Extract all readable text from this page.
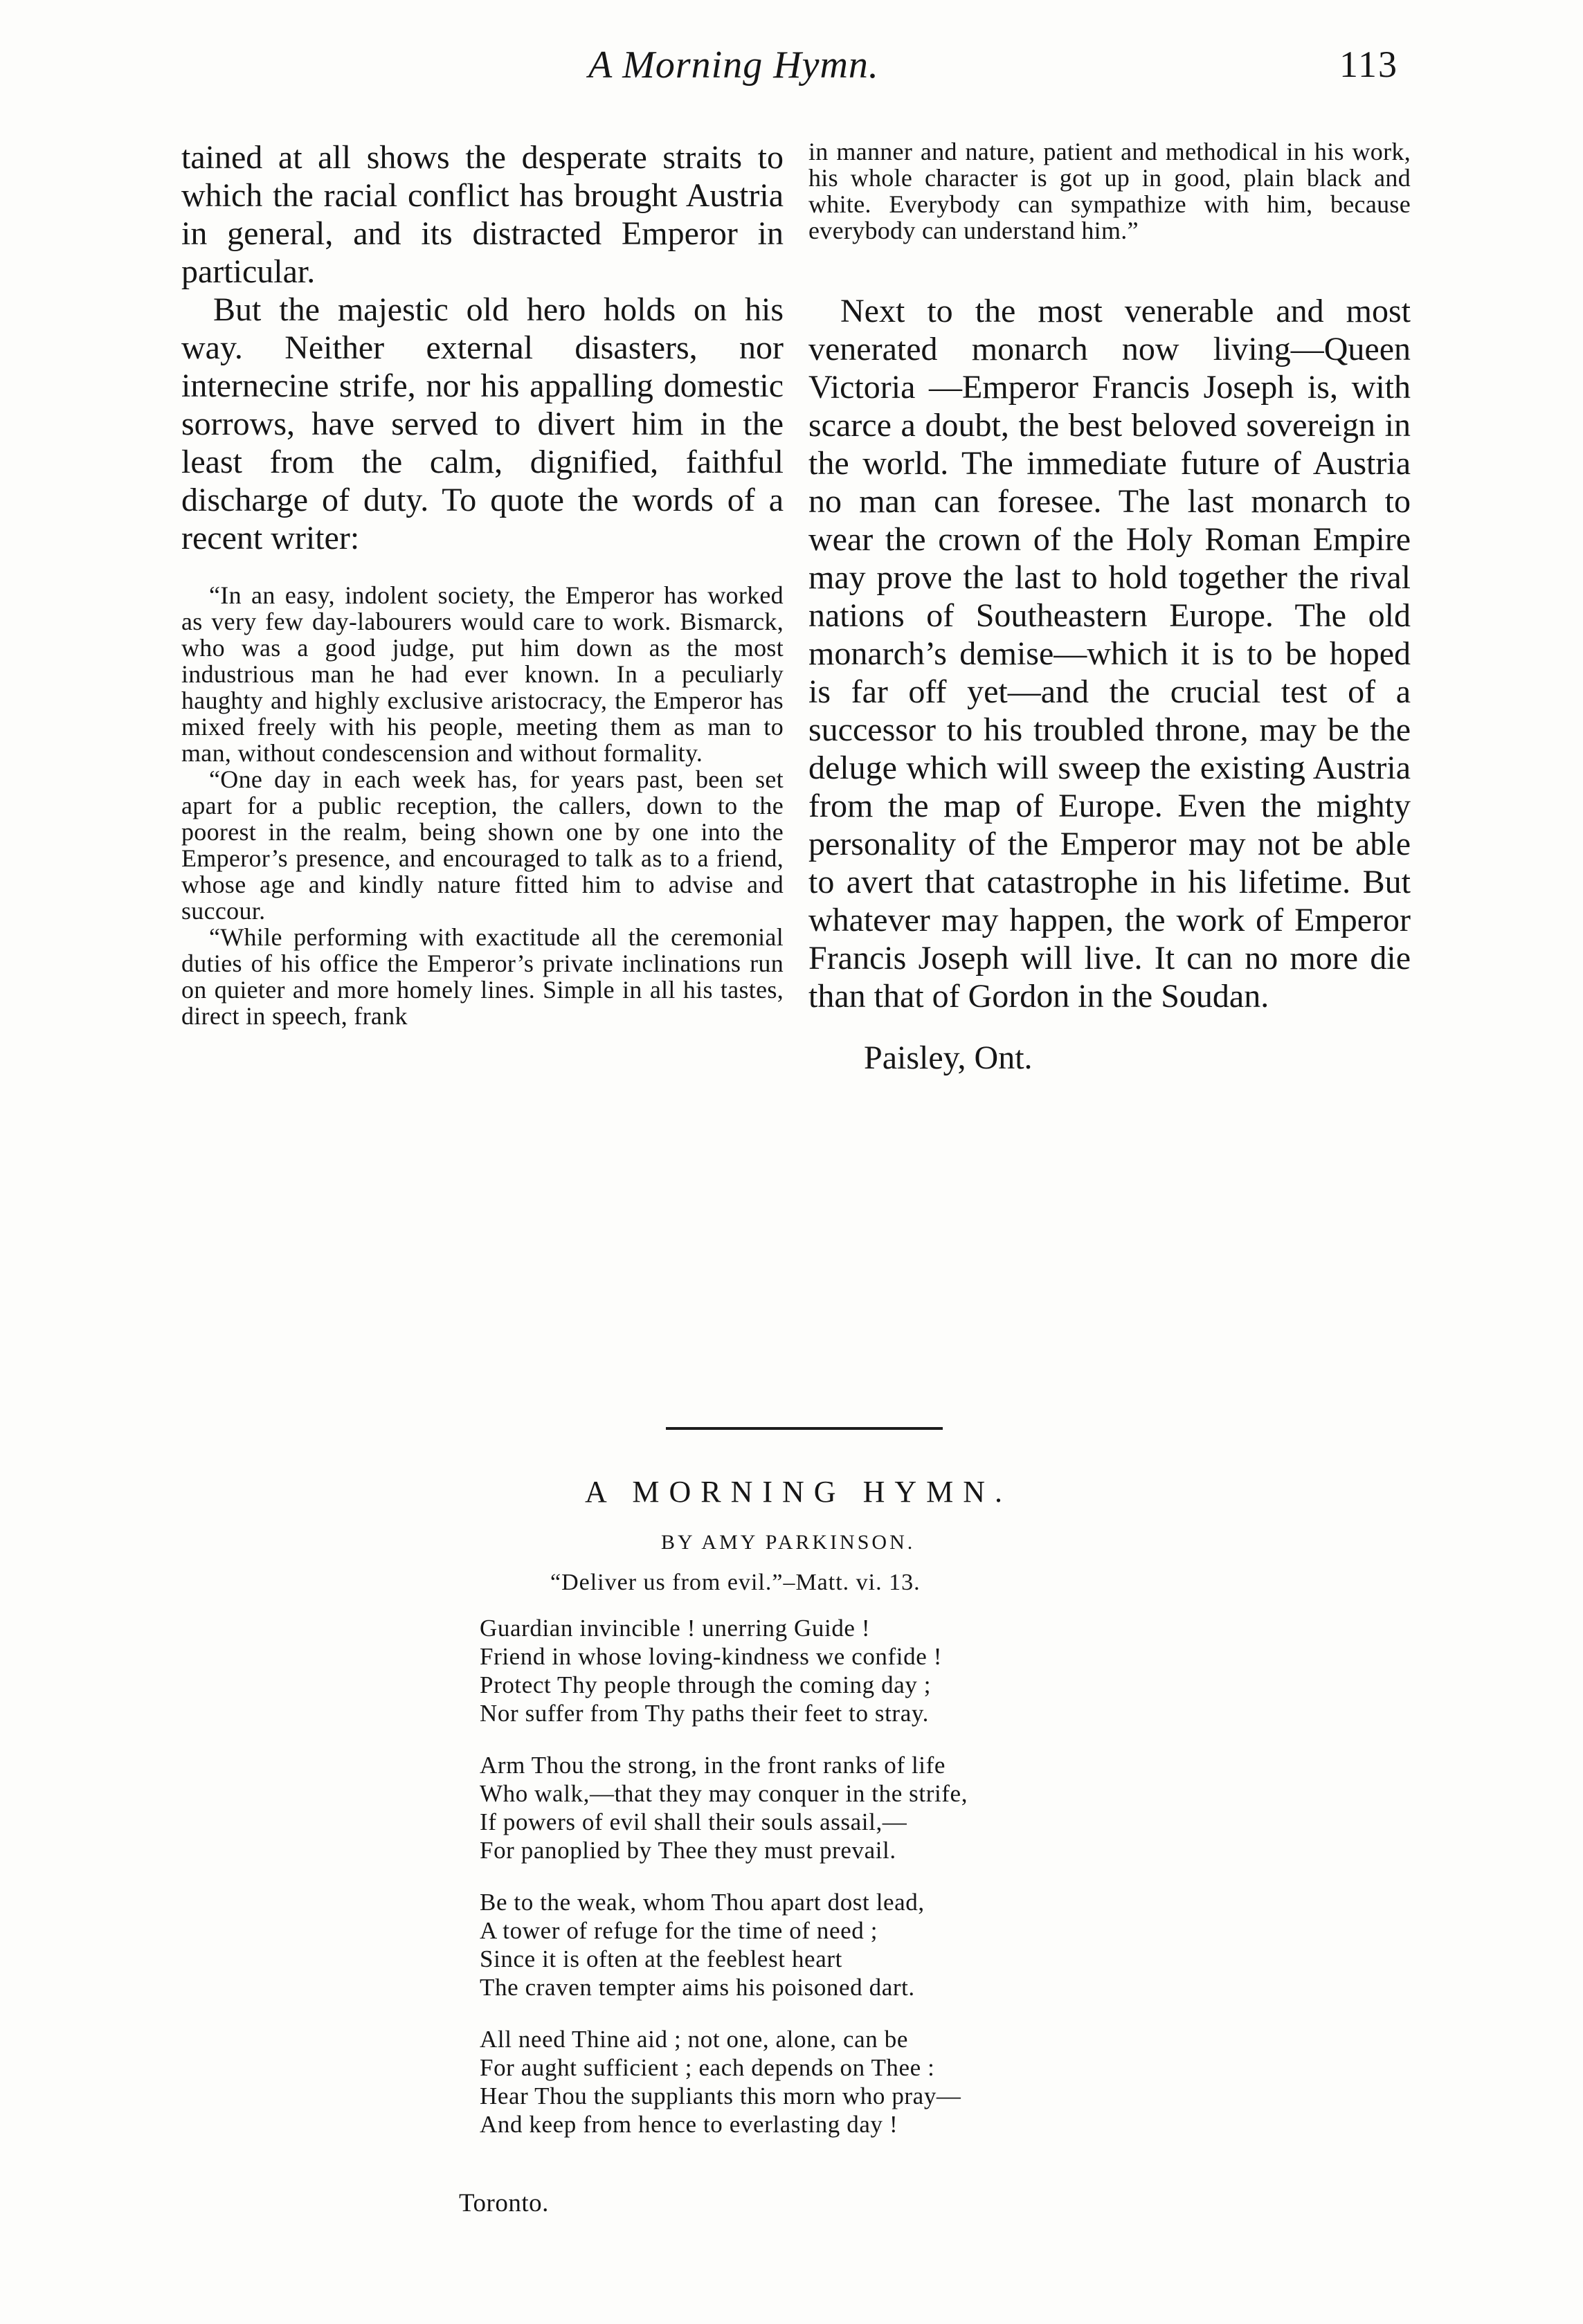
A Morning Hymn.	113

tained at all shows the desperate straits to which the racial conflict has brought Austria in general, and its distracted Emperor in particular.

But the majestic old hero holds on his way. Neither external disasters, nor internecine strife, nor his appalling domestic sorrows, have served to divert him in the least from the calm, dignified, faithful discharge of duty. To quote the words of a recent writer:

“In an easy, indolent society, the Emperor has worked as very few day-labourers would care to work. Bismarck, who was a good judge, put him down as the most industrious man he had ever known. In a peculiarly haughty and highly exclusive aristocracy, the Emperor has mixed freely with his people, meeting them as man to man, without condescension and without formality.

“One day in each week has, for years past, been set apart for a public reception, the callers, down to the poorest in the realm, being shown one by one into the Emperor’s presence, and encouraged to talk as to a friend, whose age and kindly nature fitted him to advise and succour.

“While performing with exactitude all the ceremonial duties of his office the Emperor’s private inclinations run on quieter and more homely lines. Simple in all his tastes, direct in speech, frank

in manner and nature, patient and methodical in his work, his whole character is got up in good, plain black and white. Everybody can sympathize with him, because everybody can understand him.”

Next to the most venerable and most venerated monarch now living—Queen Victoria —Emperor Francis Joseph is, with scarce a doubt, the best beloved sovereign in the world. The immediate future of Austria no man can foresee. The last monarch to wear the crown of the Holy Roman Empire may prove the last to hold together the rival nations of Southeastern Europe. The old monarch’s demise—which it is to be hoped is far off yet—and the crucial test of a successor to his troubled throne, may be the deluge which will sweep the existing Austria from the map of Europe. Even the mighty personality of the Emperor may not be able to avert that catastrophe in his lifetime. But whatever may happen, the work of Emperor Francis Joseph will live. It can no more die than that of Gordon in the Soudan.

Paisley, Ont.
A MORNING HYMN.
BY AMY PARKINSON.
“Deliver us from evil.”–Matt. vi. 13.
Guardian invincible ! unerring Guide !
Friend in whose loving-kindness we confide !
Protect Thy people through the coming day ;
Nor suffer from Thy paths their feet to stray.
Arm Thou the strong, in the front ranks of life
Who walk,—that they may conquer in the strife,
If powers of evil shall their souls assail,—
For panoplied by Thee they must prevail.
Be to the weak, whom Thou apart dost lead,
A tower of refuge for the time of need ;
Since it is often at the feeblest heart
The craven tempter aims his poisoned dart.
All need Thine aid ; not one, alone, can be
For aught sufficient ; each depends on Thee :
Hear Thou the suppliants this morn who pray—
And keep from hence to everlasting day !
Toronto.
